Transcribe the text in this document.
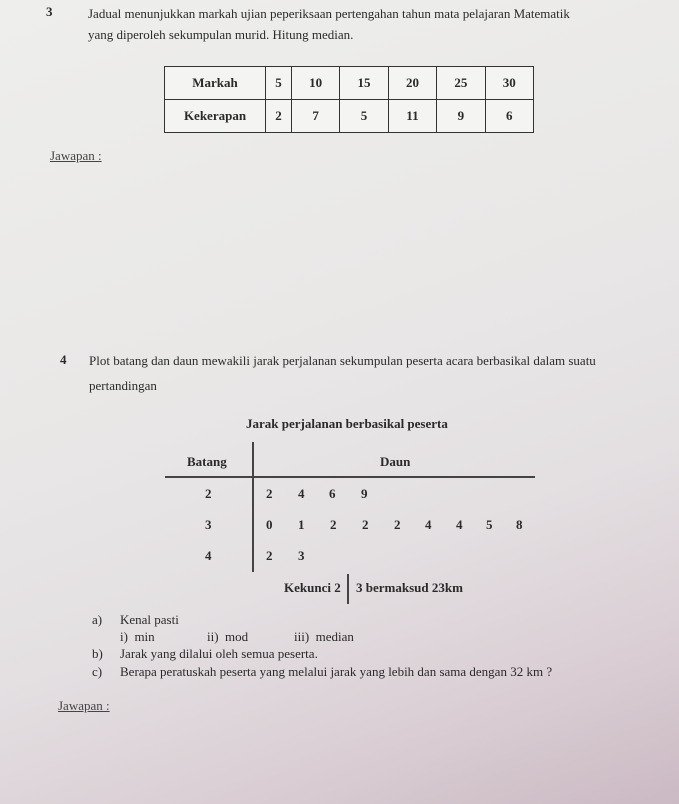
3	Jadual menunjukkan markah ujian peperiksaan pertengahan tahun mata pelajaran Matematik
yang diperoleh sekumpulan murid. Hitung median.
Markah	5	10	15	20	25	30
Kekerapan	2	7	5	11	9	6
Jawapan :
4 Plot batang dan daun mewakili jarak perjalanan sekumpulan peserta acara berbasikal dalam suatu
pertandingan
Jarak perjalanan berbasikal peserta
Batang	Daun
2	2 4 6 9
3	0 1 2 2 2 4 4 5 8
4	2 3
Kekunci 2 3 bermaksud 23km
a) Kenal pasti
i)  min	ii)  mod	iii)  median
b) Jarak yang dilalui oleh semua peserta.
c) Berapa peratuskah peserta yang melalui jarak yang lebih dan sama dengan 32 km ?
Jawapan :
